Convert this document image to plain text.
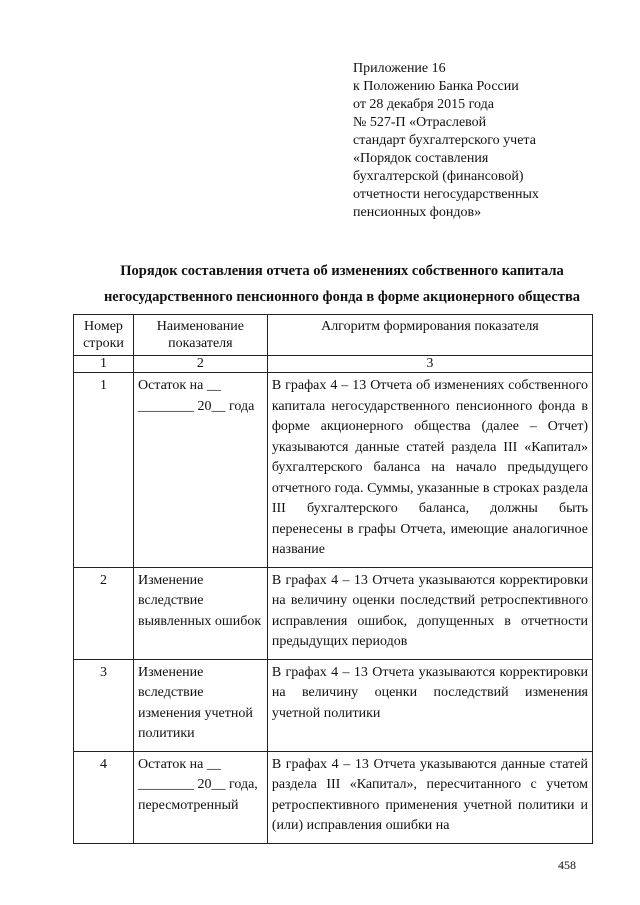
Приложение 16
к Положению Банка России
от 28 декабря 2015 года
№ 527-П «Отраслевой
стандарт бухгалтерского учета
«Порядок составления
бухгалтерской (финансовой)
отчетности негосударственных
пенсионных фондов»
Порядок составления отчета об изменениях собственного капитала
негосударственного пенсионного фонда в форме акционерного общества
Номер строки	Наименование показателя	Алгоритм формирования показателя
1	2	3
1	Остаток на __ ________ 20__ года	В графах 4 – 13 Отчета об изменениях собственного капитала негосударственного пенсионного фонда в форме акционерного общества (далее – Отчет) указываются данные статей раздела III «Капитал» бухгалтерского баланса на начало предыдущего отчетного года. Суммы, указанные в строках раздела III бухгалтерского баланса, должны быть перенесены в графы Отчета, имеющие аналогичное название
2	Изменение вследствие выявленных ошибок	В графах 4 – 13 Отчета указываются корректировки на величину оценки последствий ретроспективного исправления ошибок, допущенных в отчетности предыдущих периодов
3	Изменение вследствие изменения учетной политики	В графах 4 – 13 Отчета указываются корректировки на величину оценки последствий изменения учетной политики
4	Остаток на __ ________ 20__ года, пересмотренный	В графах 4 – 13 Отчета указываются данные статей раздела III «Капитал», пересчитанного с учетом ретроспективного применения учетной политики и (или) исправления ошибки на
458
